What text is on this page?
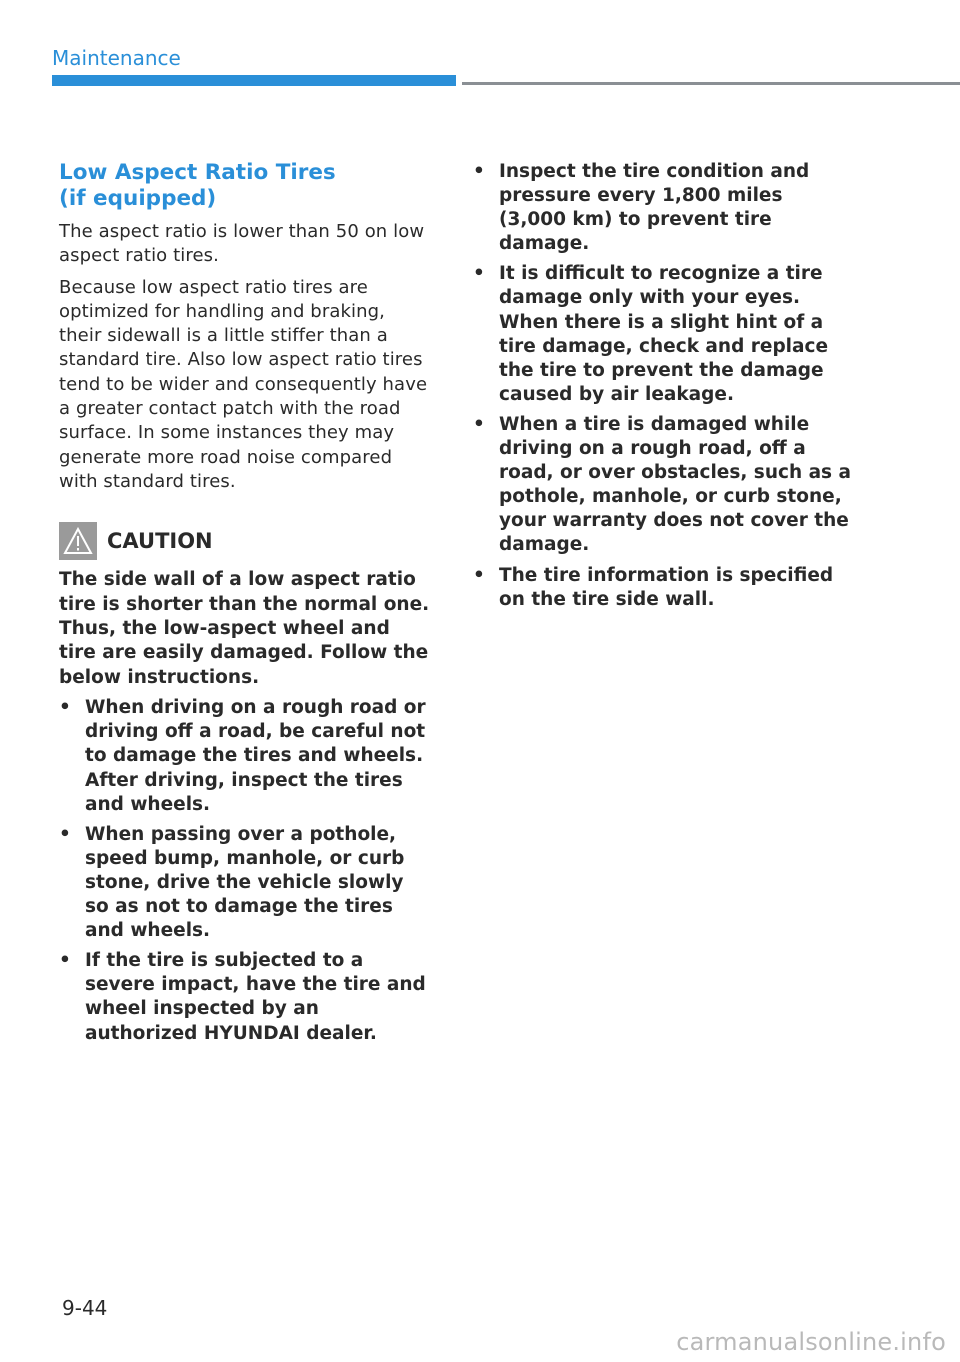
Maintenance
Low Aspect Ratio Tires
(if equipped)

The aspect ratio is lower than 50 on low aspect ratio tires.

Because low aspect ratio tires are optimized for handling and braking, their sidewall is a little stiffer than a standard tire. Also low aspect ratio tires tend to be wider and consequently have a greater contact patch with the road surface. In some instances they may generate more road noise compared with standard tires.

CAUTION

The side wall of a low aspect ratio tire is shorter than the normal one. Thus, the low-aspect wheel and tire are easily damaged. Follow the below instructions.

• When driving on a rough road or driving off a road, be careful not to damage the tires and wheels. After driving, inspect the tires and wheels.
• When passing over a pothole, speed bump, manhole, or curb stone, drive the vehicle slowly so as not to damage the tires and wheels.
• If the tire is subjected to a severe impact, have the tire and wheel inspected by an authorized HYUNDAI dealer.
• Inspect the tire condition and pressure every 1,800 miles (3,000 km) to prevent tire damage.
• It is difficult to recognize a tire damage only with your eyes. When there is a slight hint of a tire damage, check and replace the tire to prevent the damage caused by air leakage.
• When a tire is damaged while driving on a rough road, off a road, or over obstacles, such as a pothole, manhole, or curb stone, your warranty does not cover the damage.
• The tire information is specified on the tire side wall.
9-44
carmanualsonline.info
